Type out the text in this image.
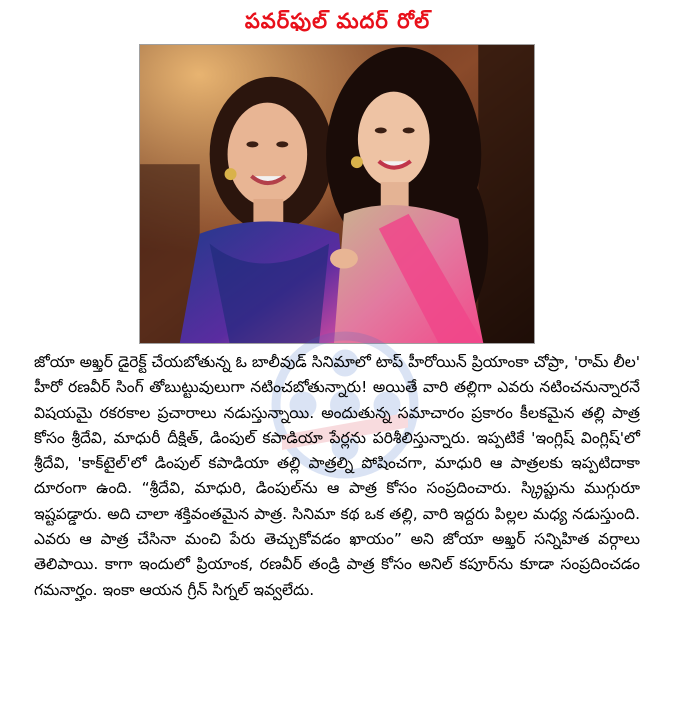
పవర్‌ఫుల్ మదర్ రోల్

జోయా అఖ్తర్ డైరెక్ట్ చేయబోతున్న ఓ బాలీవుడ్ సినిమాలో టాప్ హీరోయిన్ ప్రియాంకా చోప్రా, 'రామ్ లీల' హీరో రణవీర్ సింగ్ తోబుట్టువులుగా నటించబోతున్నారు! అయితే వారి తల్లిగా ఎవరు నటించనున్నారనే విషయమై రకరకాల ప్రచారాలు నడుస్తున్నాయి. అందుతున్న సమాచారం ప్రకారం కీలకమైన తల్లి పాత్ర కోసం శ్రీదేవి, మాధురీ దీక్షిత్, డింపుల్ కపాడియా పేర్లను పరిశీలిస్తున్నారు. ఇప్పటికే 'ఇంగ్లిష్ వింగ్లిష్'లో శ్రీదేవి, 'కాక్‌టైల్'లో డింపుల్ కపాడియా తల్లి పాత్రల్ని పోషించగా, మాధురి ఆ పాత్రలకు ఇప్పటిదాకా దూరంగా ఉంది. “శ్రీదేవి, మాధురి, డింపుల్‌ను ఆ పాత్ర కోసం సంప్రదించారు. స్క్రిప్టును ముగ్గురూ ఇష్టపడ్డారు. అది చాలా శక్తివంతమైన పాత్ర. సినిమా కథ ఒక తల్లి, వారి ఇద్దరు పిల్లల మధ్య నడుస్తుంది. ఎవరు ఆ పాత్ర చేసినా మంచి పేరు తెచ్చుకోవడం ఖాయం” అని జోయా అఖ్తర్ సన్నిహిత వర్గాలు తెలిపాయి. కాగా ఇందులో ప్రియాంక, రణవీర్ తండ్రి పాత్ర కోసం అనిల్ కపూర్‌ను కూడా సంప్రదించడం గమనార్హం. ఇంకా ఆయన గ్రీన్ సిగ్నల్ ఇవ్వలేదు.
